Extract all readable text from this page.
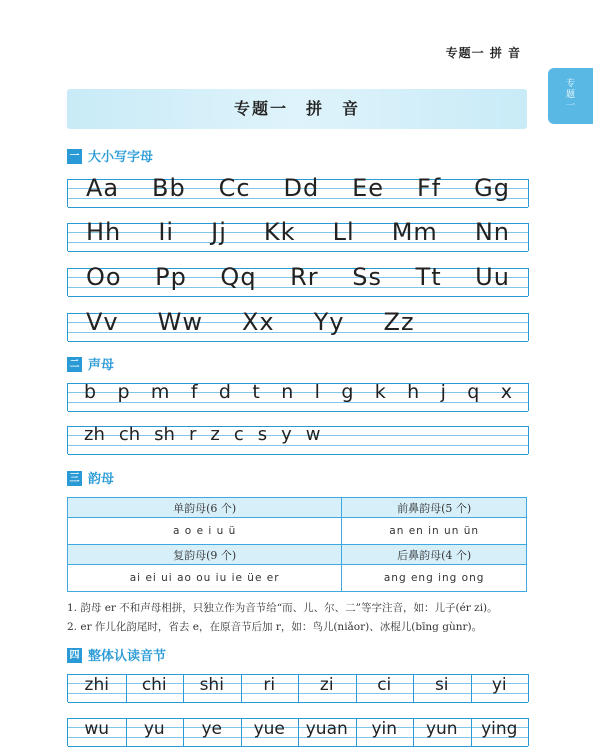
专题一 拼 音
专
题
一
专题一　拼　音
一 大小写字母
二 声母
三 韵母
单韵母(6 个)	前鼻韵母(5 个)
a o e i u ü	an en in un ün
复韵母(9 个)	后鼻韵母(4 个)
ai ei ui ao ou iu ie üe er	ang eng ing ong
1. 韵母 er 不和声母相拼，只独立作为音节给“而、儿、尔、二”等字注音，如：儿子(ér zi)。
2. er 作儿化韵尾时，省去 e，在原音节后加 r，如：鸟儿(niǎor)、冰棍儿(bīng gùnr)。
四 整体认读音节
Aa Bb Cc Dd Ee Ff Gg
Hh Ii Jj Kk Ll Mm Nn
Oo Pp Qq Rr Ss Tt Uu
Vv Ww Xx Yy Zz
b p m f d t n l g k h j q x
zh ch sh r z c s y w
zhi	chi	shi	ri	zi	ci	si	yi
wu	yu	ye	yue	yuan	yin	yun	ying
